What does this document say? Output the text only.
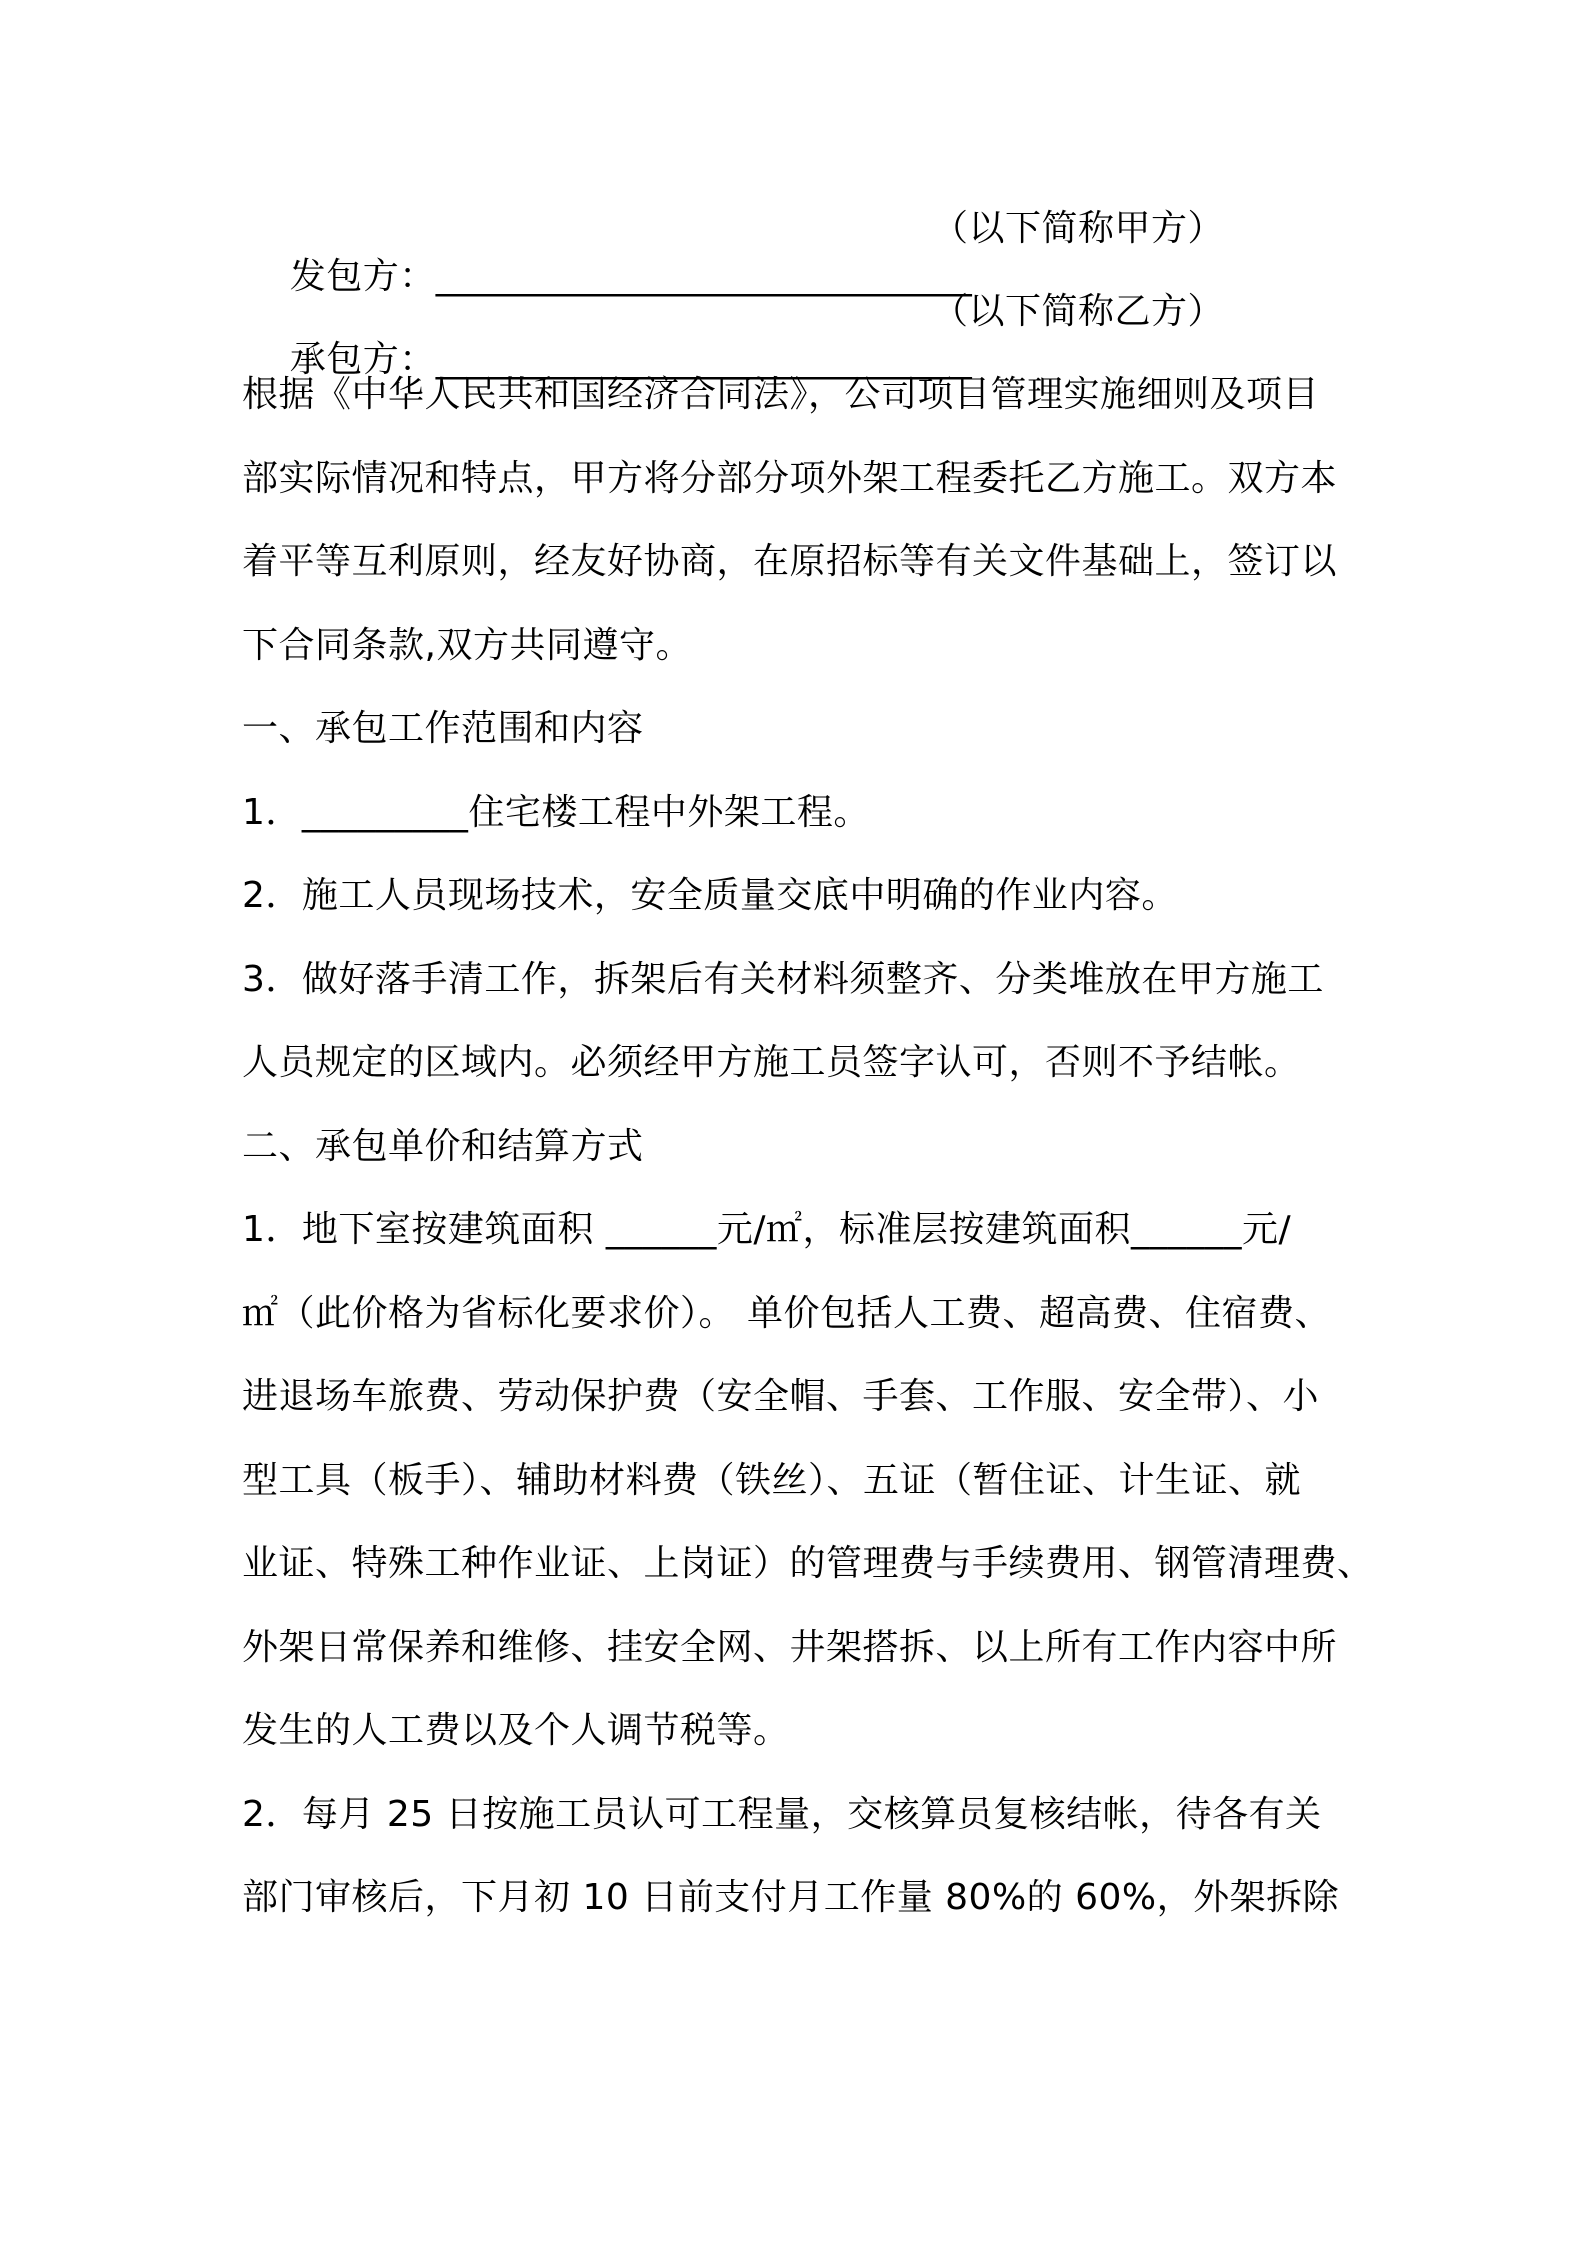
发包方：_____________________________
（以下简称甲方）

承包方：_____________________________
（以下简称乙方）

根据《中华人民共和国经济合同法》，公司项目管理实施细则及项目
部实际情况和特点，甲方将分部分项外架工程委托乙方施工。双方本
着平等互利原则，经友好协商，在原招标等有关文件基础上，签订以
下合同条款,双方共同遵守。
一、承包工作范围和内容
1．_________住宅楼工程中外架工程。
2．施工人员现场技术，安全质量交底中明确的作业内容。
3．做好落手清工作，拆架后有关材料须整齐、分类堆放在甲方施工
人员规定的区域内。必须经甲方施工员签字认可，否则不予结帐。
二、承包单价和结算方式
1．地下室按建筑面积 ______元/㎡，标准层按建筑面积______元/
㎡（此价格为省标化要求价）。 单价包括人工费、超高费、住宿费、
进退场车旅费、劳动保护费（安全帽、手套、工作服、安全带）、小
型工具（板手）、辅助材料费（铁丝）、五证（暂住证、计生证、就
业证、特殊工种作业证、上岗证）的管理费与手续费用、钢管清理费、
外架日常保养和维修、挂安全网、井架搭拆、以上所有工作内容中所
发生的人工费以及个人调节税等。
2．每月 25 日按施工员认可工程量，交核算员复核结帐，待各有关
部门审核后，下月初 10 日前支付月工作量 80%的 60%，外架拆除
